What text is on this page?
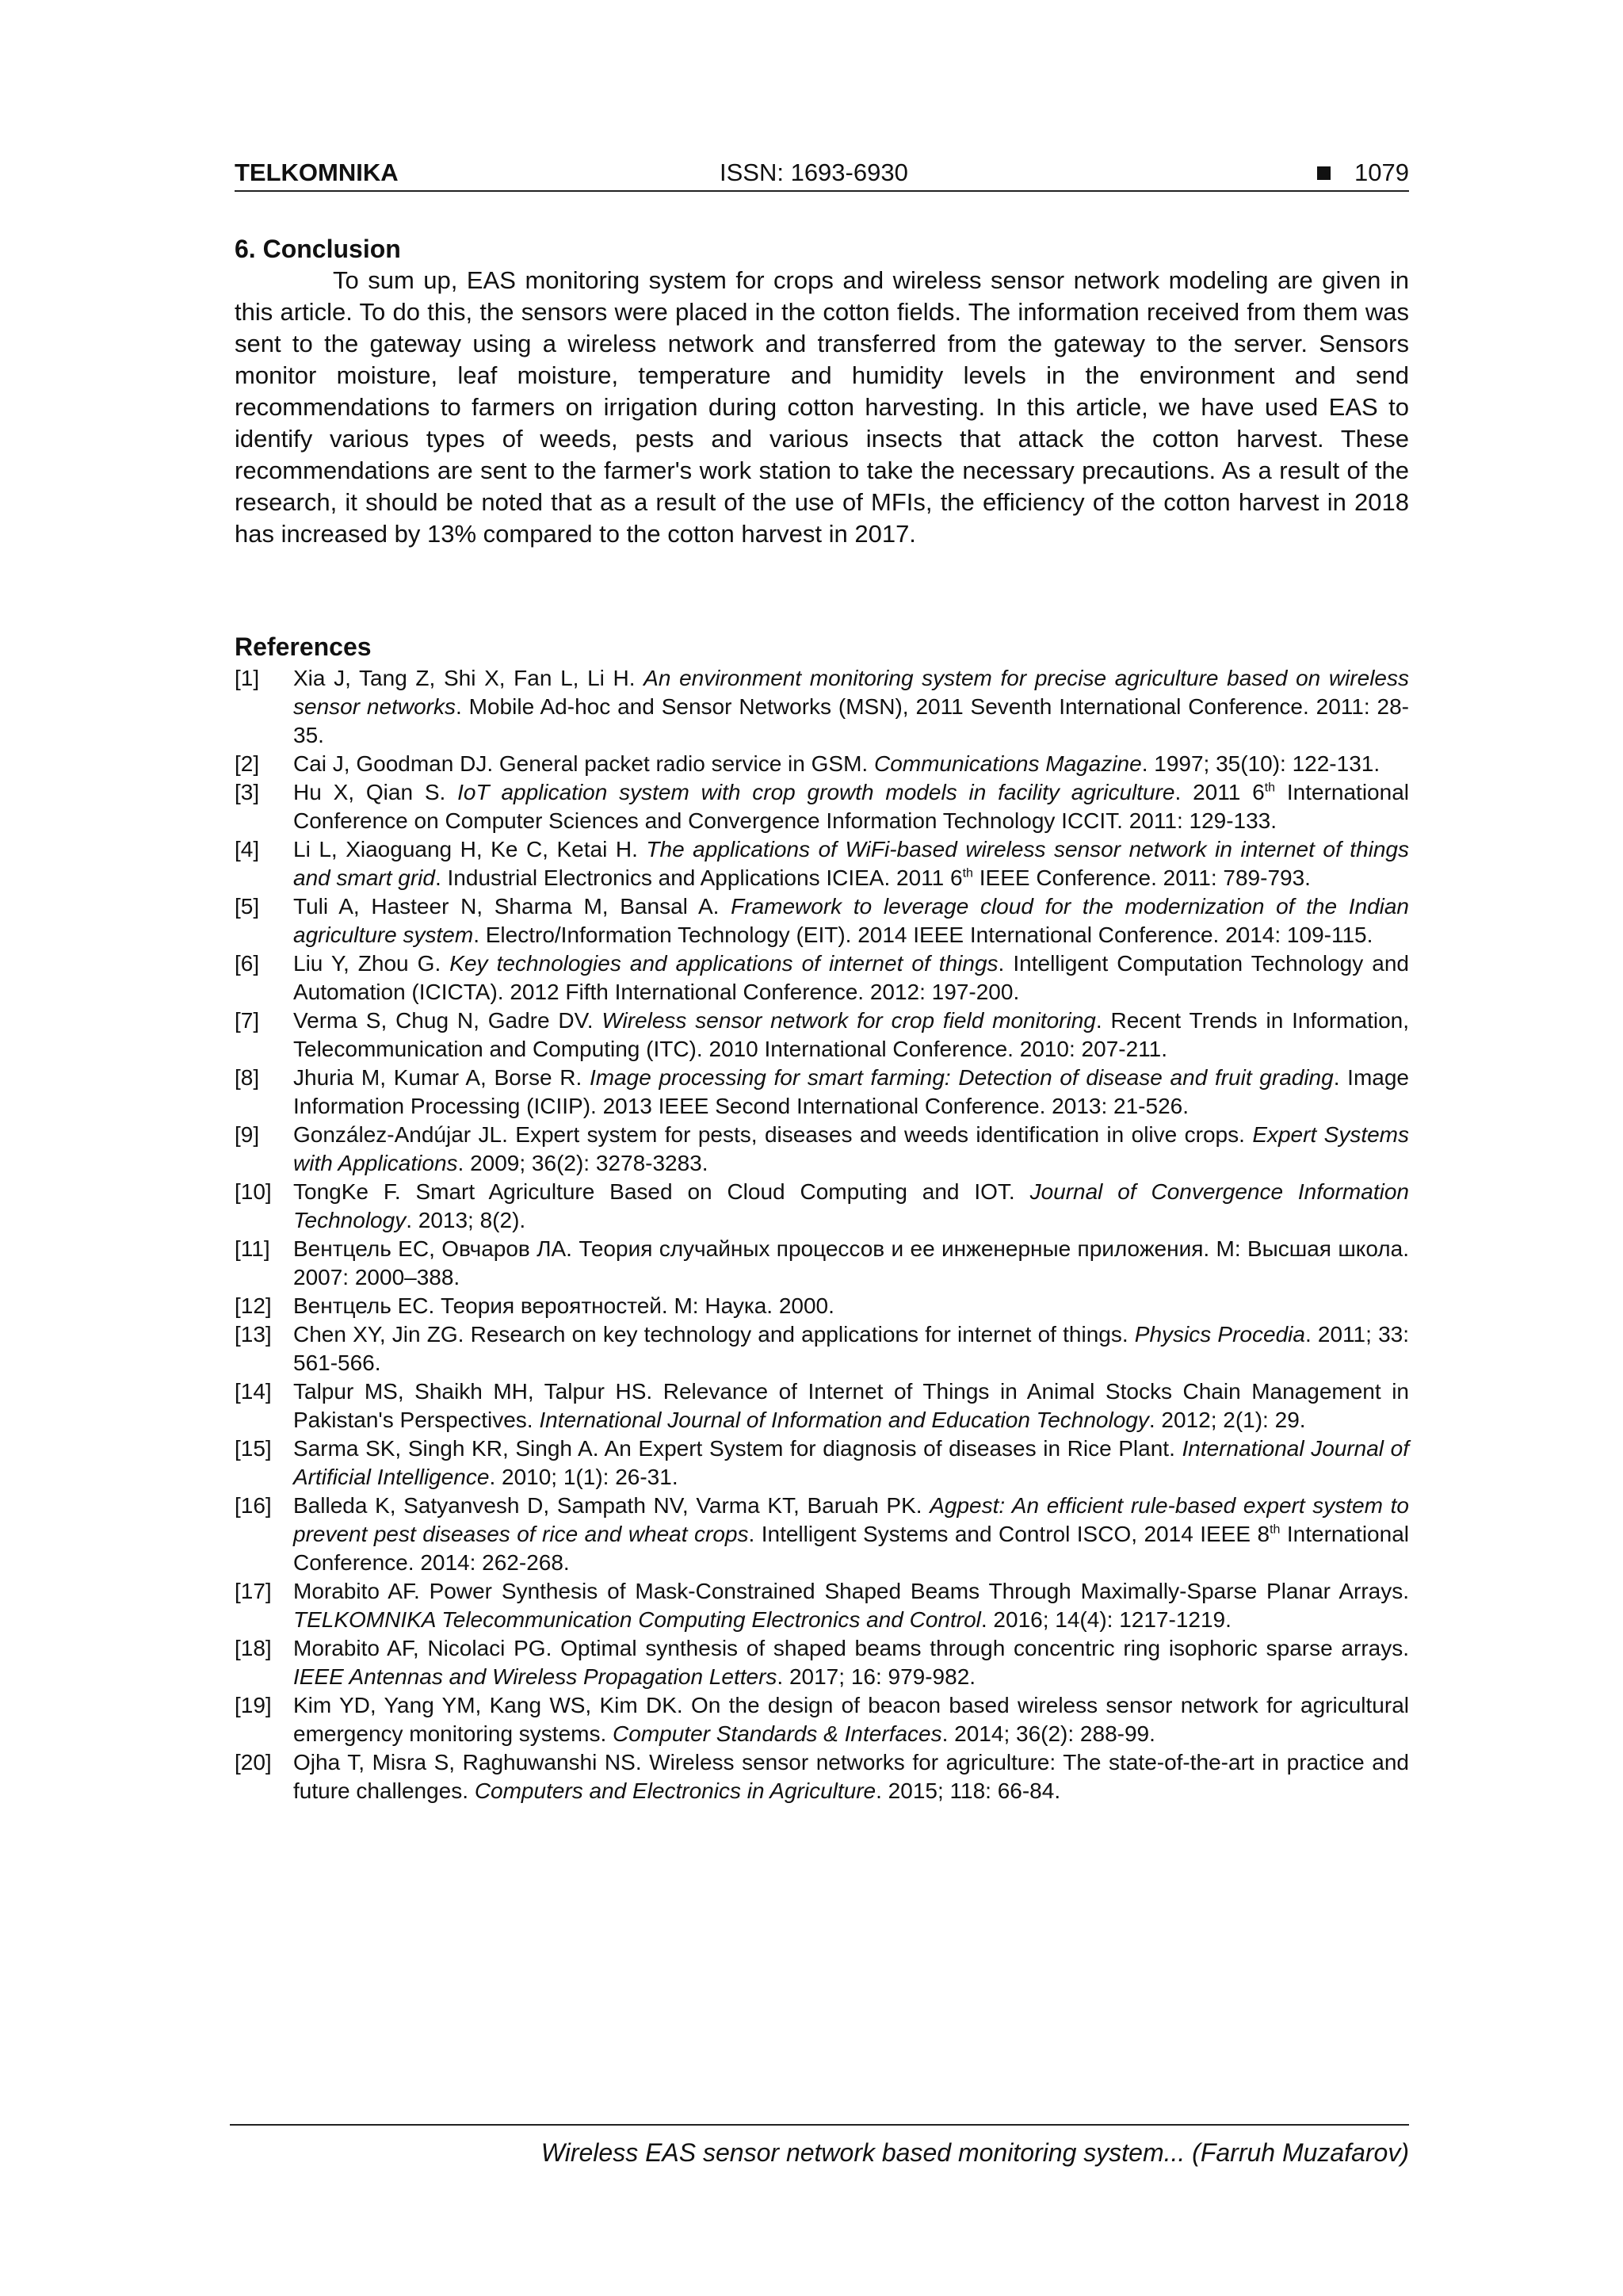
TELKOMNIKA	ISSN: 1693-6930	1079
6. Conclusion

To sum up, EAS monitoring system for crops and wireless sensor network modeling are given in this article. To do this, the sensors were placed in the cotton fields. The information received from them was sent to the gateway using a wireless network and transferred from the gateway to the server. Sensors monitor moisture, leaf moisture, temperature and humidity levels in the environment and send recommendations to farmers on irrigation during cotton harvesting. In this article, we have used EAS to identify various types of weeds, pests and various insects that attack the cotton harvest. These recommendations are sent to the farmer's work station to take the necessary precautions. As a result of the research, it should be noted that as a result of the use of MFIs, the efficiency of the cotton harvest in 2018 has increased by 13% compared to the cotton harvest in 2017.

References
[1] Xia J, Tang Z, Shi X, Fan L, Li H. An environment monitoring system for precise agriculture based on wireless sensor networks. Mobile Ad-hoc and Sensor Networks (MSN), 2011 Seventh International Conference. 2011: 28-35.
[2] Cai J, Goodman DJ. General packet radio service in GSM. Communications Magazine. 1997; 35(10): 122-131.
[3] Hu X, Qian S. IoT application system with crop growth models in facility agriculture. 2011 6th International Conference on Computer Sciences and Convergence Information Technology ICCIT. 2011: 129-133.
[4] Li L, Xiaoguang H, Ke C, Ketai H. The applications of WiFi-based wireless sensor network in internet of things and smart grid. Industrial Electronics and Applications ICIEA. 2011 6th IEEE Conference. 2011: 789-793.
[5] Tuli A, Hasteer N, Sharma M, Bansal A. Framework to leverage cloud for the modernization of the Indian agriculture system. Electro/Information Technology (EIT). 2014 IEEE International Conference. 2014: 109-115.
[6] Liu Y, Zhou G. Key technologies and applications of internet of things. Intelligent Computation Technology and Automation (ICICTA). 2012 Fifth International Conference. 2012: 197-200.
[7] Verma S, Chug N, Gadre DV. Wireless sensor network for crop field monitoring. Recent Trends in Information, Telecommunication and Computing (ITC). 2010 International Conference. 2010: 207-211.
[8] Jhuria M, Kumar A, Borse R. Image processing for smart farming: Detection of disease and fruit grading. Image Information Processing (ICIIP). 2013 IEEE Second International Conference. 2013: 21-526.
[9] González-Andújar JL. Expert system for pests, diseases and weeds identification in olive crops. Expert Systems with Applications. 2009; 36(2): 3278-3283.
[10] TongKe F. Smart Agriculture Based on Cloud Computing and IOT. Journal of Convergence Information Technology. 2013; 8(2).
[11] Вентцель ЕС, Овчаров ЛА. Теория случайных процессов и ее инженерные приложения. М: Высшая школа. 2007: 2000–388.
[12] Вентцель ЕС. Теория вероятностей. М: Наука. 2000.
[13] Chen XY, Jin ZG. Research on key technology and applications for internet of things. Physics Procedia. 2011; 33: 561-566.
[14] Talpur MS, Shaikh MH, Talpur HS. Relevance of Internet of Things in Animal Stocks Chain Management in Pakistan's Perspectives. International Journal of Information and Education Technology. 2012; 2(1): 29.
[15] Sarma SK, Singh KR, Singh A. An Expert System for diagnosis of diseases in Rice Plant. International Journal of Artificial Intelligence. 2010; 1(1): 26-31.
[16] Balleda K, Satyanvesh D, Sampath NV, Varma KT, Baruah PK. Agpest: An efficient rule-based expert system to prevent pest diseases of rice and wheat crops. Intelligent Systems and Control ISCO, 2014 IEEE 8th International Conference. 2014: 262-268.
[17] Morabito AF. Power Synthesis of Mask-Constrained Shaped Beams Through Maximally-Sparse Planar Arrays. TELKOMNIKA Telecommunication Computing Electronics and Control. 2016; 14(4): 1217-1219.
[18] Morabito AF, Nicolaci PG. Optimal synthesis of shaped beams through concentric ring isophoric sparse arrays. IEEE Antennas and Wireless Propagation Letters. 2017; 16: 979-982.
[19] Kim YD, Yang YM, Kang WS, Kim DK. On the design of beacon based wireless sensor network for agricultural emergency monitoring systems. Computer Standards & Interfaces. 2014; 36(2): 288-99.
[20] Ojha T, Misra S, Raghuwanshi NS. Wireless sensor networks for agriculture: The state-of-the-art in practice and future challenges. Computers and Electronics in Agriculture. 2015; 118: 66-84.
Wireless EAS sensor network based monitoring system... (Farruh Muzafarov)
